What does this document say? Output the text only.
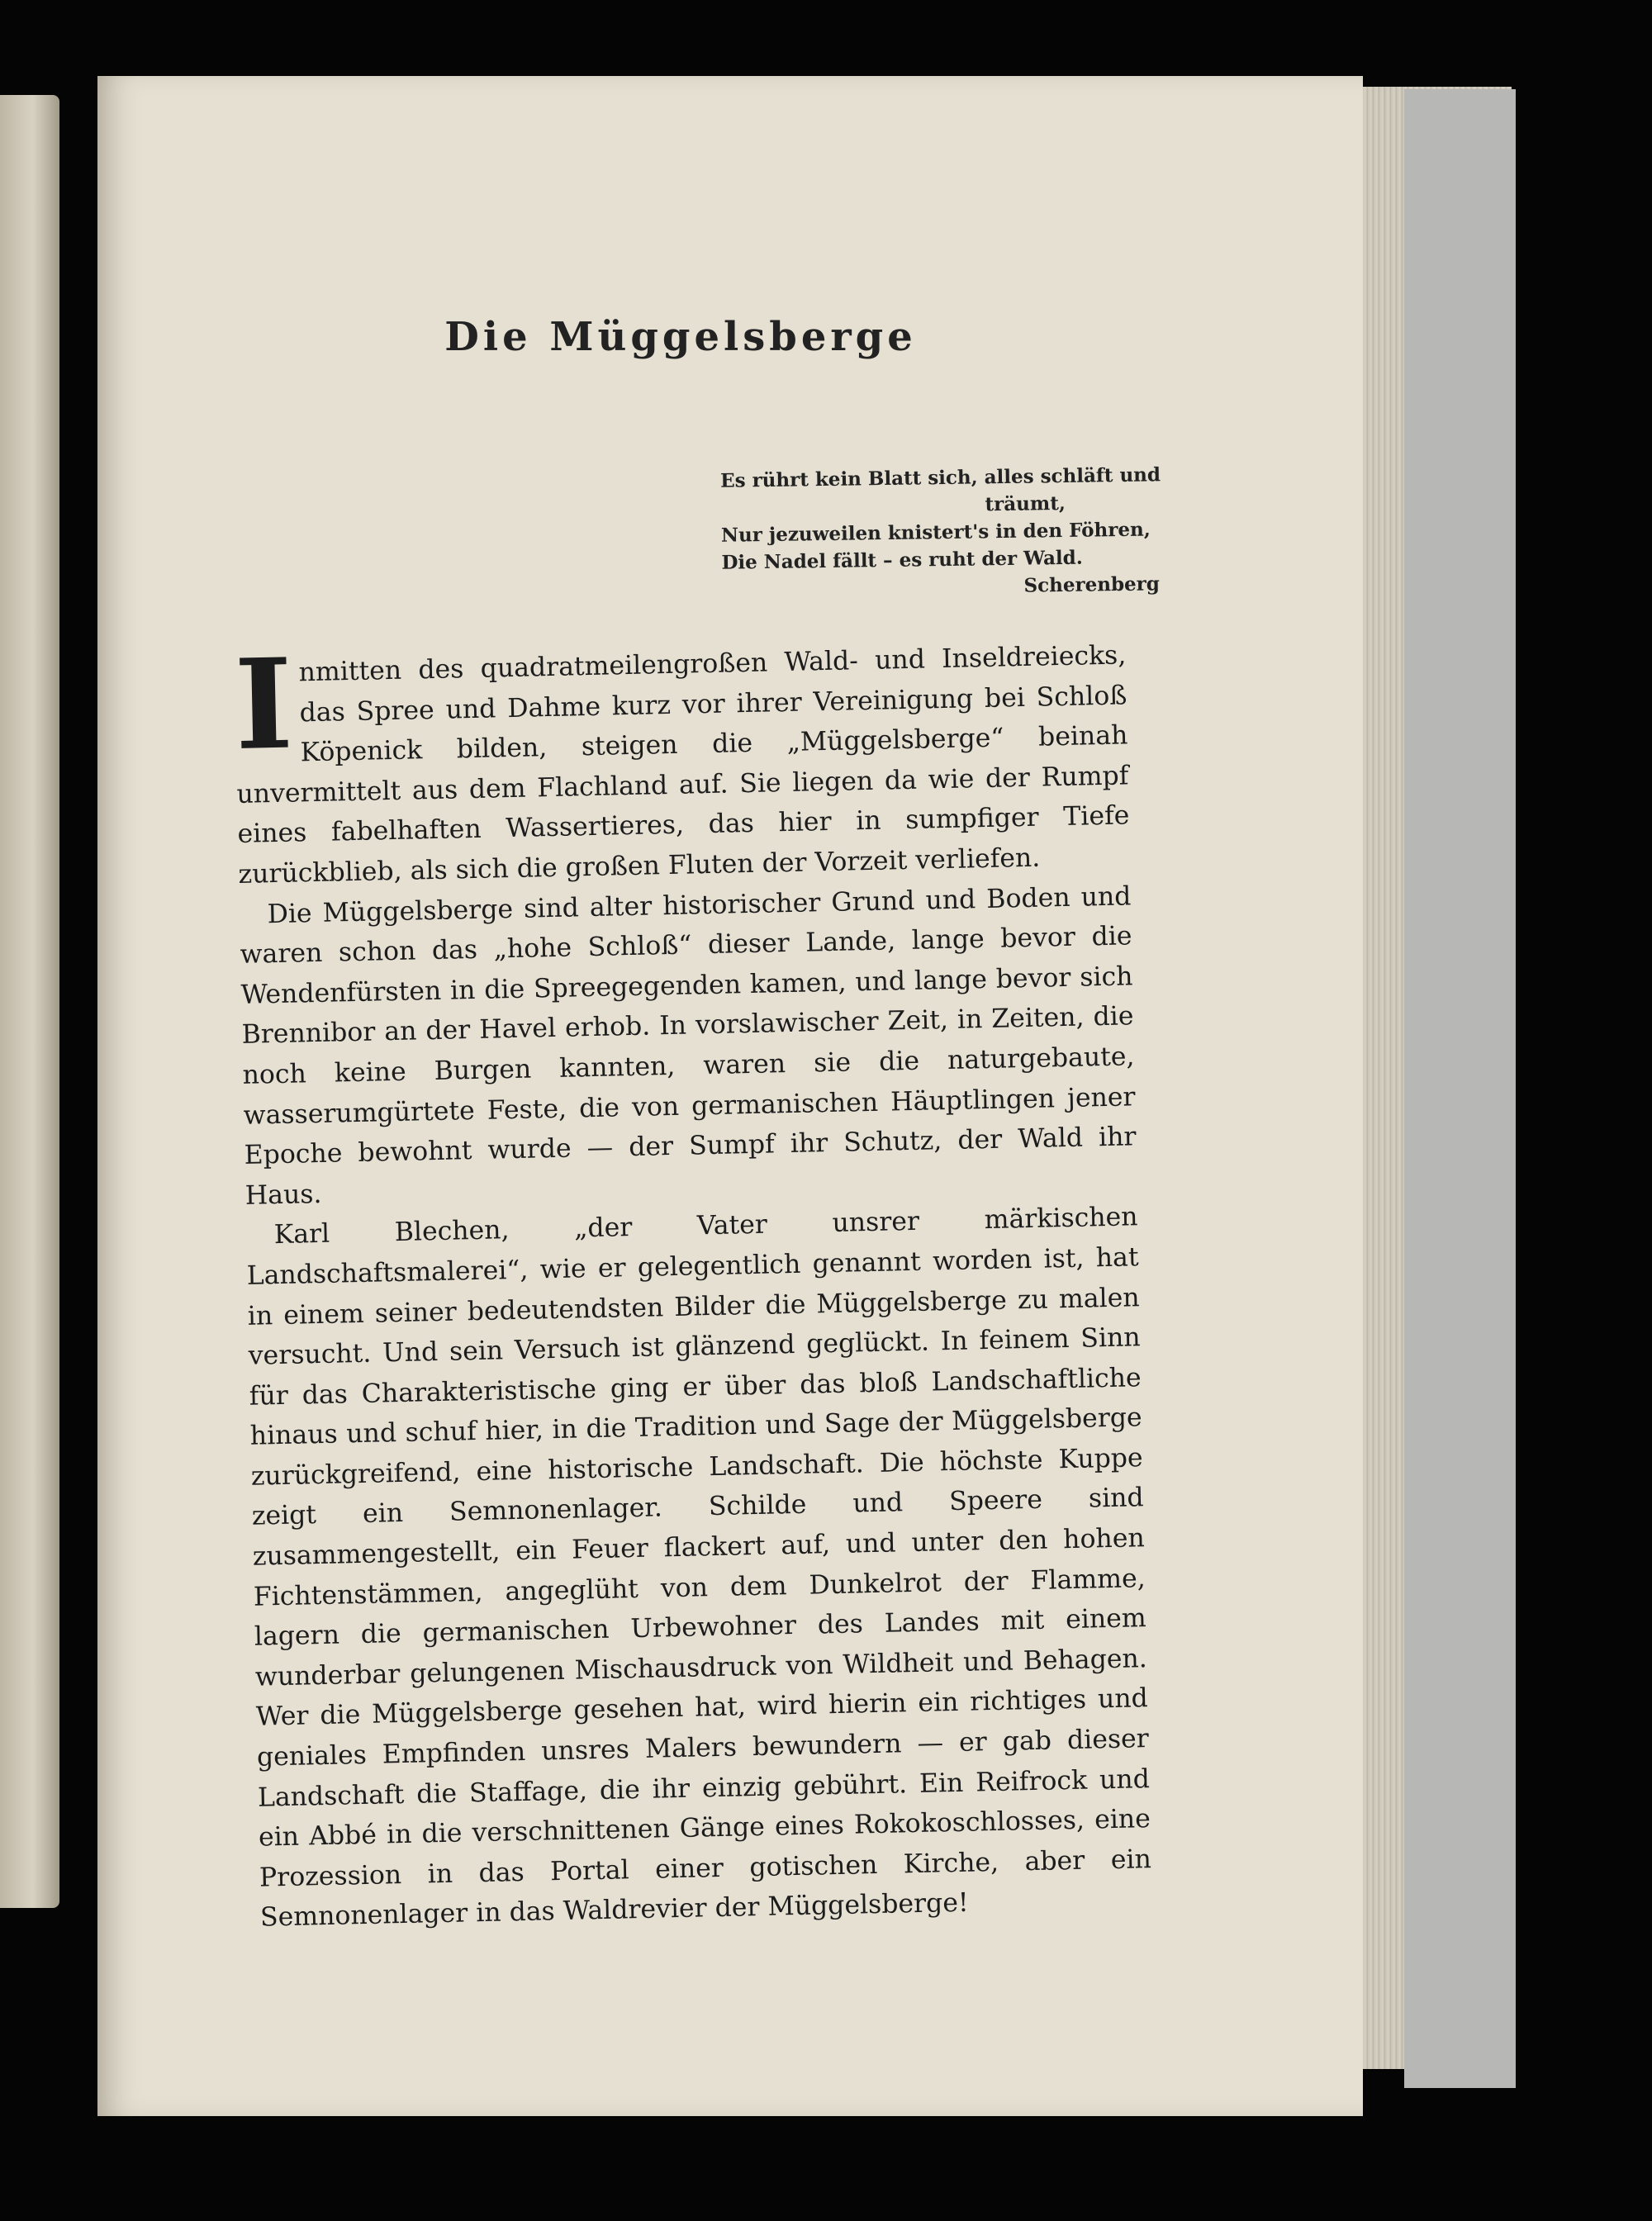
Die Müggelsberge
Es rührt kein Blatt sich, alles schläft und
träumt,
Nur jezuweilen knistert's in den Föhren,
Die Nadel fällt – es ruht der Wald.
Scherenberg

Inmitten des quadratmeilengroßen Wald- und Inseldreiecks, das Spree und Dahme kurz vor ihrer Vereinigung bei Schloß Köpenick bilden, steigen die „Müggelsberge“ beinah unvermittelt aus dem Flachland auf. Sie liegen da wie der Rumpf eines fabelhaften Wassertieres, das hier in sumpfiger Tiefe zurückblieb, als sich die großen Fluten der Vorzeit verliefen.

Die Müggelsberge sind alter historischer Grund und Boden und waren schon das „hohe Schloß“ dieser Lande, lange bevor die Wendenfürsten in die Spreegegenden kamen, und lange bevor sich Brennibor an der Havel erhob. In vorslawischer Zeit, in Zeiten, die noch keine Burgen kannten, waren sie die naturgebaute, wasserumgürtete Feste, die von germanischen Häuptlingen jener Epoche bewohnt wurde — der Sumpf ihr Schutz, der Wald ihr Haus.

Karl Blechen, „der Vater unsrer märkischen Landschaftsmalerei“, wie er gelegentlich genannt worden ist, hat in einem seiner bedeutendsten Bilder die Müggelsberge zu malen versucht. Und sein Versuch ist glänzend geglückt. In feinem Sinn für das Charakteristische ging er über das bloß Landschaftliche hinaus und schuf hier, in die Tradition und Sage der Müggelsberge zurückgreifend, eine historische Landschaft. Die höchste Kuppe zeigt ein Semnonenlager. Schilde und Speere sind zusammengestellt, ein Feuer flackert auf, und unter den hohen Fichtenstämmen, angeglüht von dem Dunkelrot der Flamme, lagern die germanischen Urbewohner des Landes mit einem wunderbar gelungenen Mischausdruck von Wildheit und Behagen. Wer die Müggelsberge gesehen hat, wird hierin ein richtiges und geniales Empfinden unsres Malers bewundern — er gab dieser Landschaft die Staffage, die ihr einzig gebührt. Ein Reifrock und ein Abbé in die verschnittenen Gänge eines Rokokoschlosses, eine Prozession in das Portal einer gotischen Kirche, aber ein Semnonenlager in das Waldrevier der Müggelsberge!
